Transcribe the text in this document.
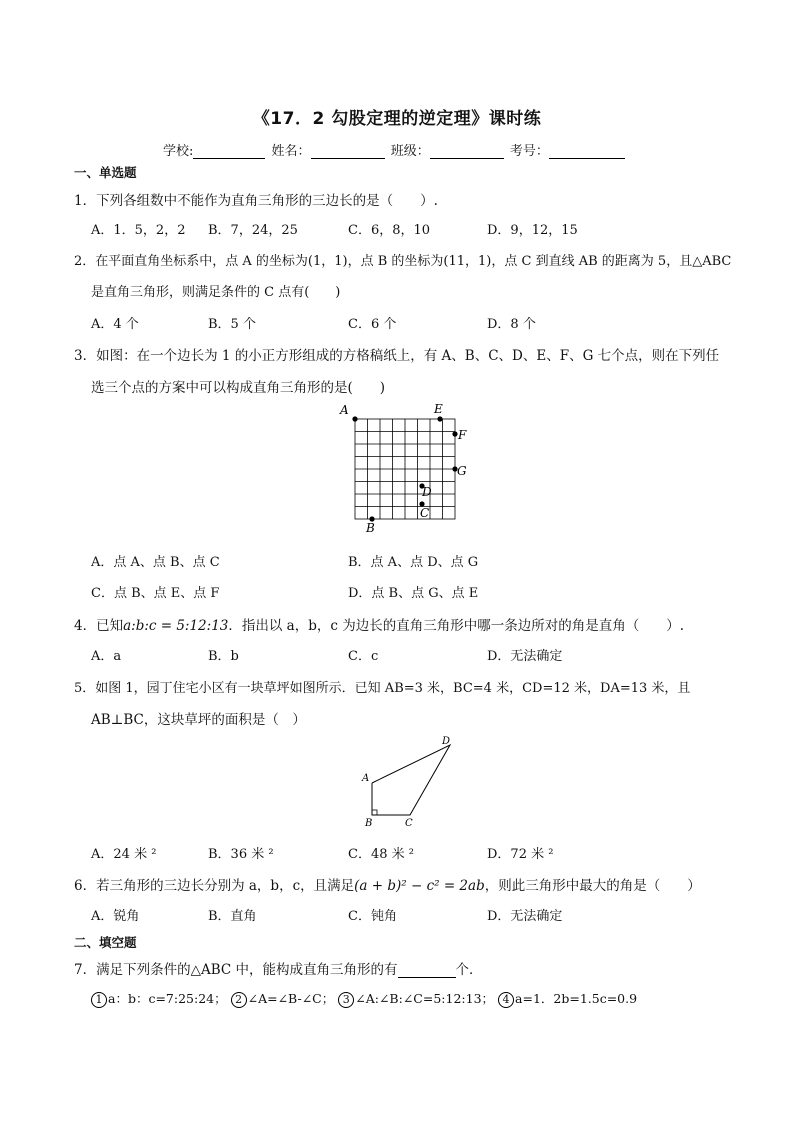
《17．2 勾股定理的逆定理》课时练
学校:	姓名：	班级：	考号：
一、单选题
1．下列各组数中不能作为直角三角形的三边长的是（　　）.
A．1．5，2，2 B．7，24，25	C．6，8，10	D．9，12，15
2．在平面直角坐标系中，点 A 的坐标为(1，1)，点 B 的坐标为(11，1)，点 C 到直线 AB 的距离为 5，且△ABC
是直角三角形，则满足条件的 C 点有(　　)
A．4 个	B．5 个	C．6 个	D．8 个
3．如图：在一个边长为 1 的小正方形组成的方格稿纸上，有 A、B、C、D、E、F、G 七个点，则在下列任
选三个点的方案中可以构成直角三角形的是(　　)
A	E
F
G
D
C
B
A．点 A、点 B、点 C	B．点 A、点 D、点 G
C．点 B、点 E、点 F	D．点 B、点 G、点 E
4．已知a:b:c = 5:12:13．指出以 a，b，c 为边长的直角三角形中哪一条边所对的角是直角（　　）.
A．a	B．b	C．c	D．无法确定
5．如图 1，园丁住宅小区有一块草坪如图所示．已知 AB=3 米，BC=4 米，CD=12 米，DA=13 米，且
AB⊥BC，这块草坪的面积是（　）
A
B	C
D
A．24 米 ²	B．36 米 ²	C．48 米 ²	D．72 米 ²
6．若三角形的三边长分别为 a，b，c，且满足(a + b)² − c² = 2ab，则此三角形中最大的角是（　　）
A．锐角	B．直角	C．钝角	D．无法确定
二、填空题
7．满足下列条件的△ABC 中，能构成直角三角形的有	个．
1 a：b：c=7:25:24； 2 ∠A=∠B-∠C； 3 ∠A:∠B:∠C=5:12:13； 4 a=1．2b=1.5c=0.9
